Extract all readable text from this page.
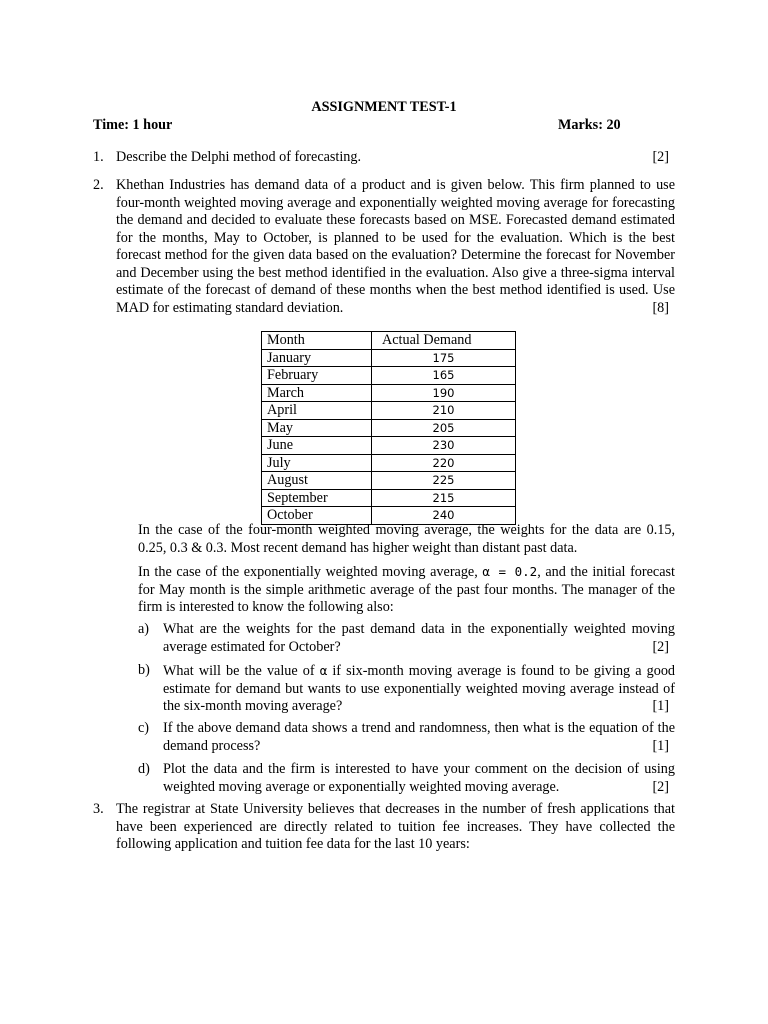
ASSIGNMENT TEST-1
Time: 1 hour	Marks: 20
1. Describe the Delphi method of forecasting.	[2]
2. Khethan Industries has demand data of a product and is given below. This firm planned to use four-month weighted moving average and exponentially weighted moving average for forecasting the demand and decided to evaluate these forecasts based on MSE. Forecasted demand estimated for the months, May to October, is planned to be used for the evaluation. Which is the best forecast method for the given data based on the evaluation? Determine the forecast for November and December using the best method identified in the evaluation. Also give a three-sigma interval estimate of the forecast of demand of these months when the best method identified is used. Use MAD for estimating standard deviation.	[8]
Month	Actual Demand
January	175
February	165
March	190
April	210
May	205
June	230
July	220
August	225
September	215
October	240
In the case of the four-month weighted moving average, the weights for the data are 0.15, 0.25, 0.3 & 0.3. Most recent demand has higher weight than distant past data.
In the case of the exponentially weighted moving average, α = 0.2, and the initial forecast for May month is the simple arithmetic average of the past four months. The manager of the firm is interested to know the following also:
a) What are the weights for the past demand data in the exponentially weighted moving average estimated for October?	[2]
b) What will be the value of α if six-month moving average is found to be giving a good estimate for demand but wants to use exponentially weighted moving average instead of the six-month moving average?	[1]
c) If the above demand data shows a trend and randomness, then what is the equation of the demand process?	[1]
d) Plot the data and the firm is interested to have your comment on the decision of using weighted moving average or exponentially weighted moving average.	[2]
3. The registrar at State University believes that decreases in the number of fresh applications that have been experienced are directly related to tuition fee increases. They have collected the following application and tuition fee data for the last 10 years:
